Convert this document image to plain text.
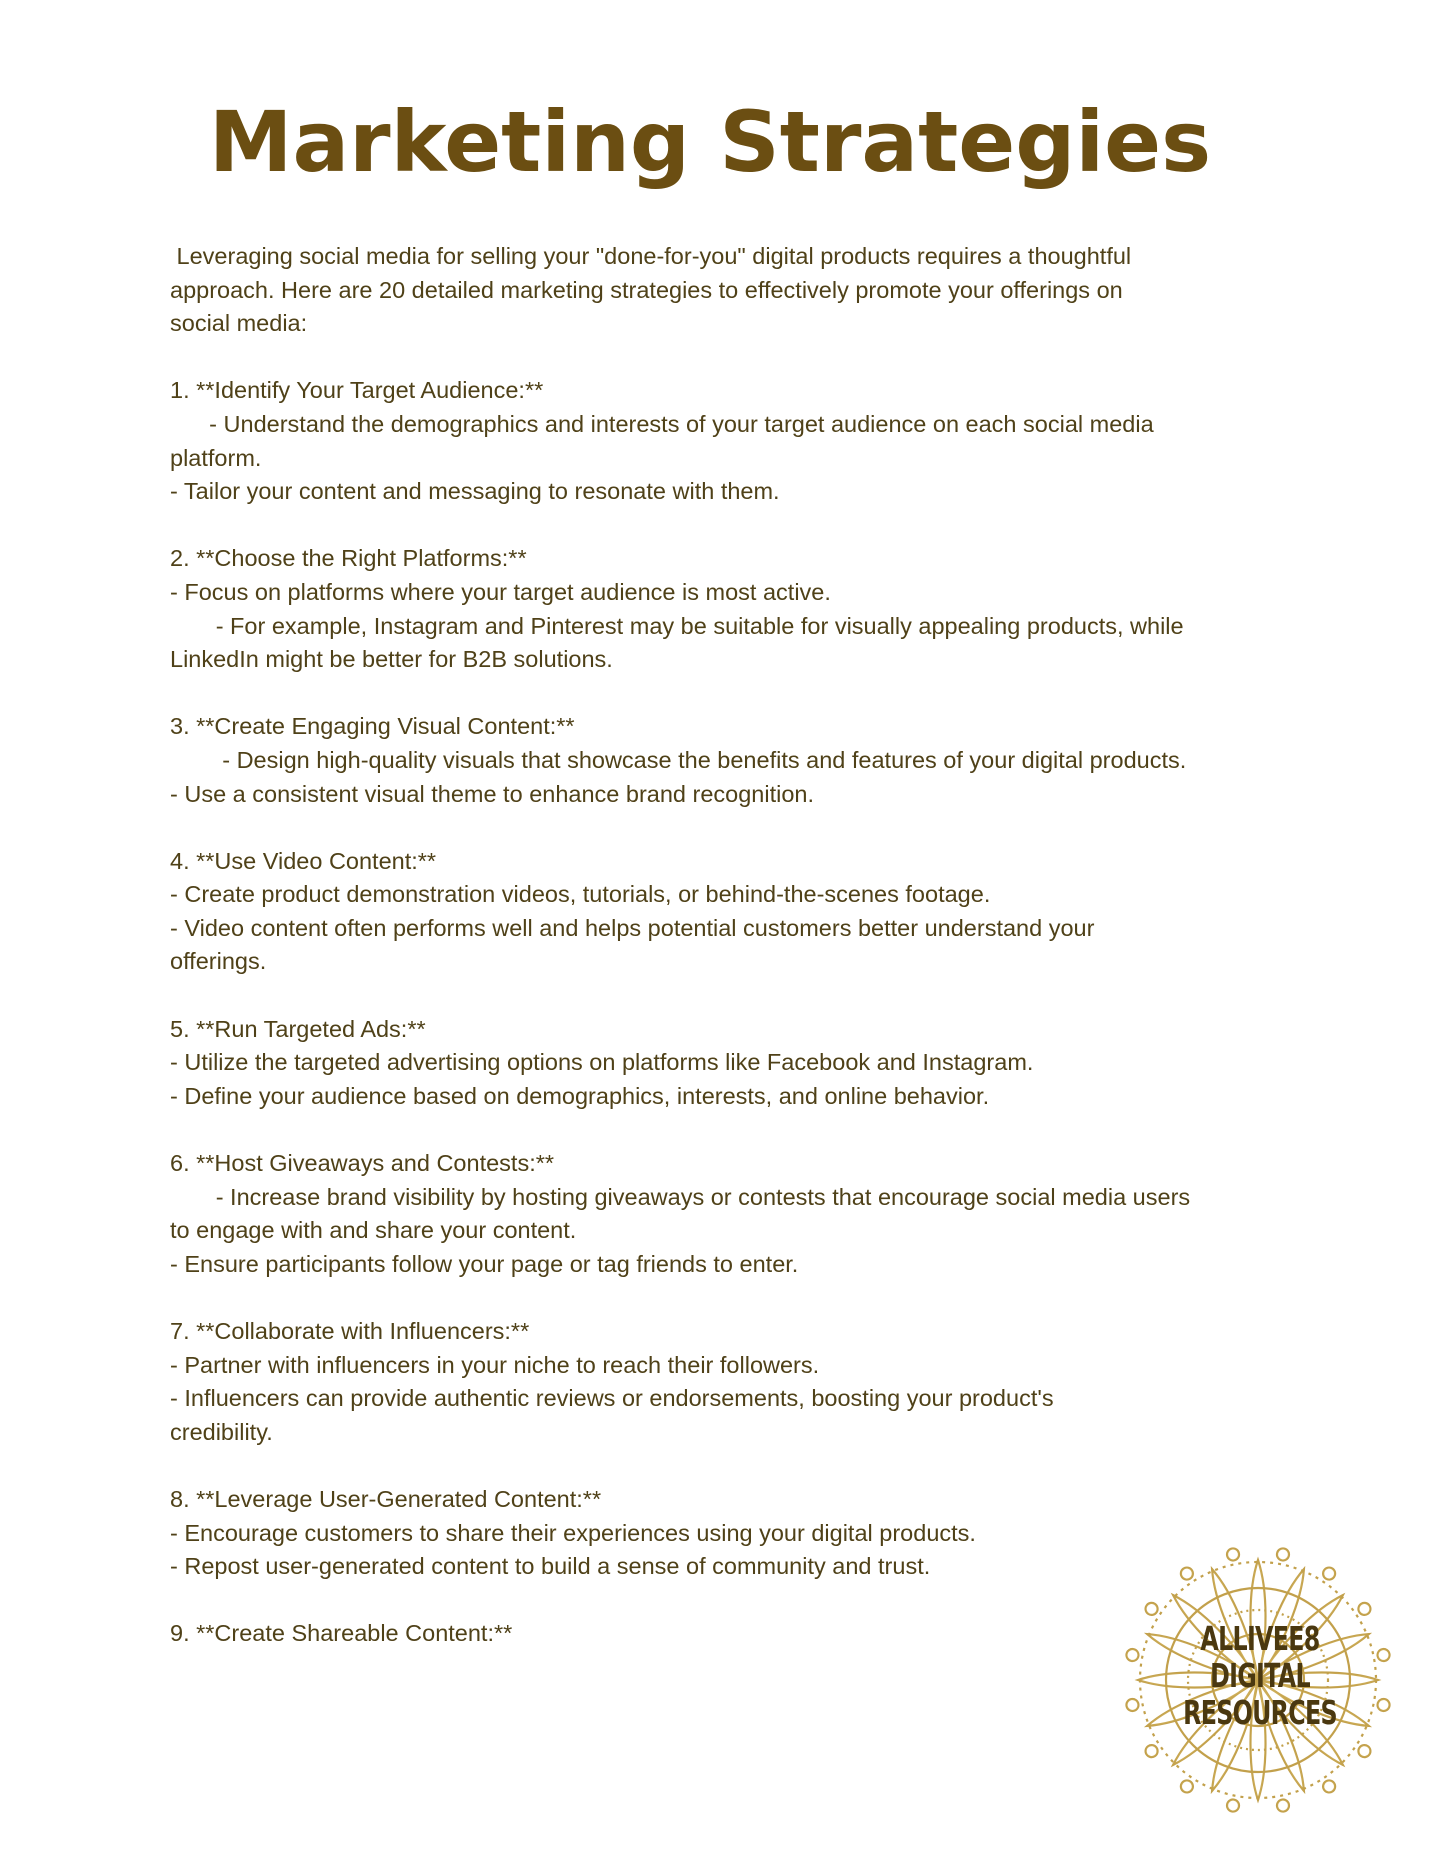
Marketing Strategies
Leveraging social media for selling your "done-for-you" digital products requires a thoughtful
approach. Here are 20 detailed marketing strategies to effectively promote your offerings on
social media:
1. **Identify Your Target Audience:**
- Understand the demographics and interests of your target audience on each social media
platform.
- Tailor your content and messaging to resonate with them.
2. **Choose the Right Platforms:**
- Focus on platforms where your target audience is most active.
- For example, Instagram and Pinterest may be suitable for visually appealing products, while
LinkedIn might be better for B2B solutions.
3. **Create Engaging Visual Content:**
- Design high-quality visuals that showcase the benefits and features of your digital products.
- Use a consistent visual theme to enhance brand recognition.
4. **Use Video Content:**
- Create product demonstration videos, tutorials, or behind-the-scenes footage.
- Video content often performs well and helps potential customers better understand your
offerings.
5. **Run Targeted Ads:**
- Utilize the targeted advertising options on platforms like Facebook and Instagram.
- Define your audience based on demographics, interests, and online behavior.
6. **Host Giveaways and Contests:**
- Increase brand visibility by hosting giveaways or contests that encourage social media users
to engage with and share your content.
- Ensure participants follow your page or tag friends to enter.
7. **Collaborate with Influencers:**
- Partner with influencers in your niche to reach their followers.
- Influencers can provide authentic reviews or endorsements, boosting your product's
credibility.
8. **Leverage User-Generated Content:**
- Encourage customers to share their experiences using your digital products.
- Repost user-generated content to build a sense of community and trust.
9. **Create Shareable Content:**	ALLIVEE8
DIGITAL
RESOURCES
